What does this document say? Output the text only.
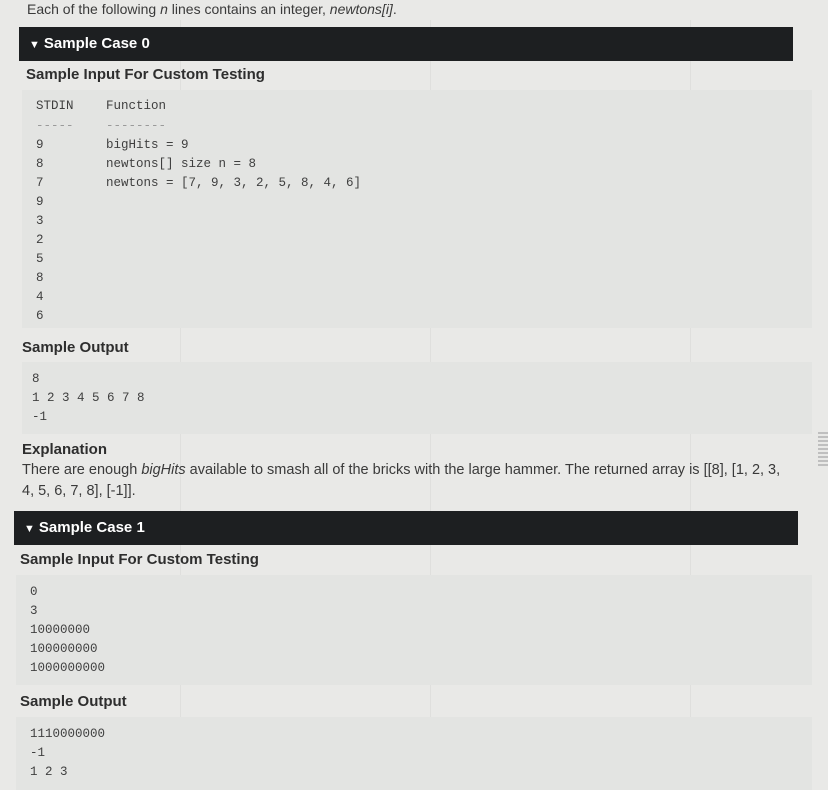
Each of the following n lines contains an integer, newtons[i].
▼ Sample Case 0
Sample Input For Custom Testing
STDIN	Function
-----	--------
9
8
7
9
3
2
5
8
4
6
bigHits = 9
newtons[] size n = 8
newtons = [7, 9, 3, 2, 5, 8, 4, 6]
Sample Output
8
1 2 3 4 5 6 7 8
-1
Explanation
There are enough bigHits available to smash all of the bricks with the large hammer. The returned array is [[8], [1, 2, 3, 4, 5, 6, 7, 8], [-1]].
▼ Sample Case 1
Sample Input For Custom Testing
0
3
10000000
100000000
1000000000
Sample Output
1110000000
-1
1 2 3
